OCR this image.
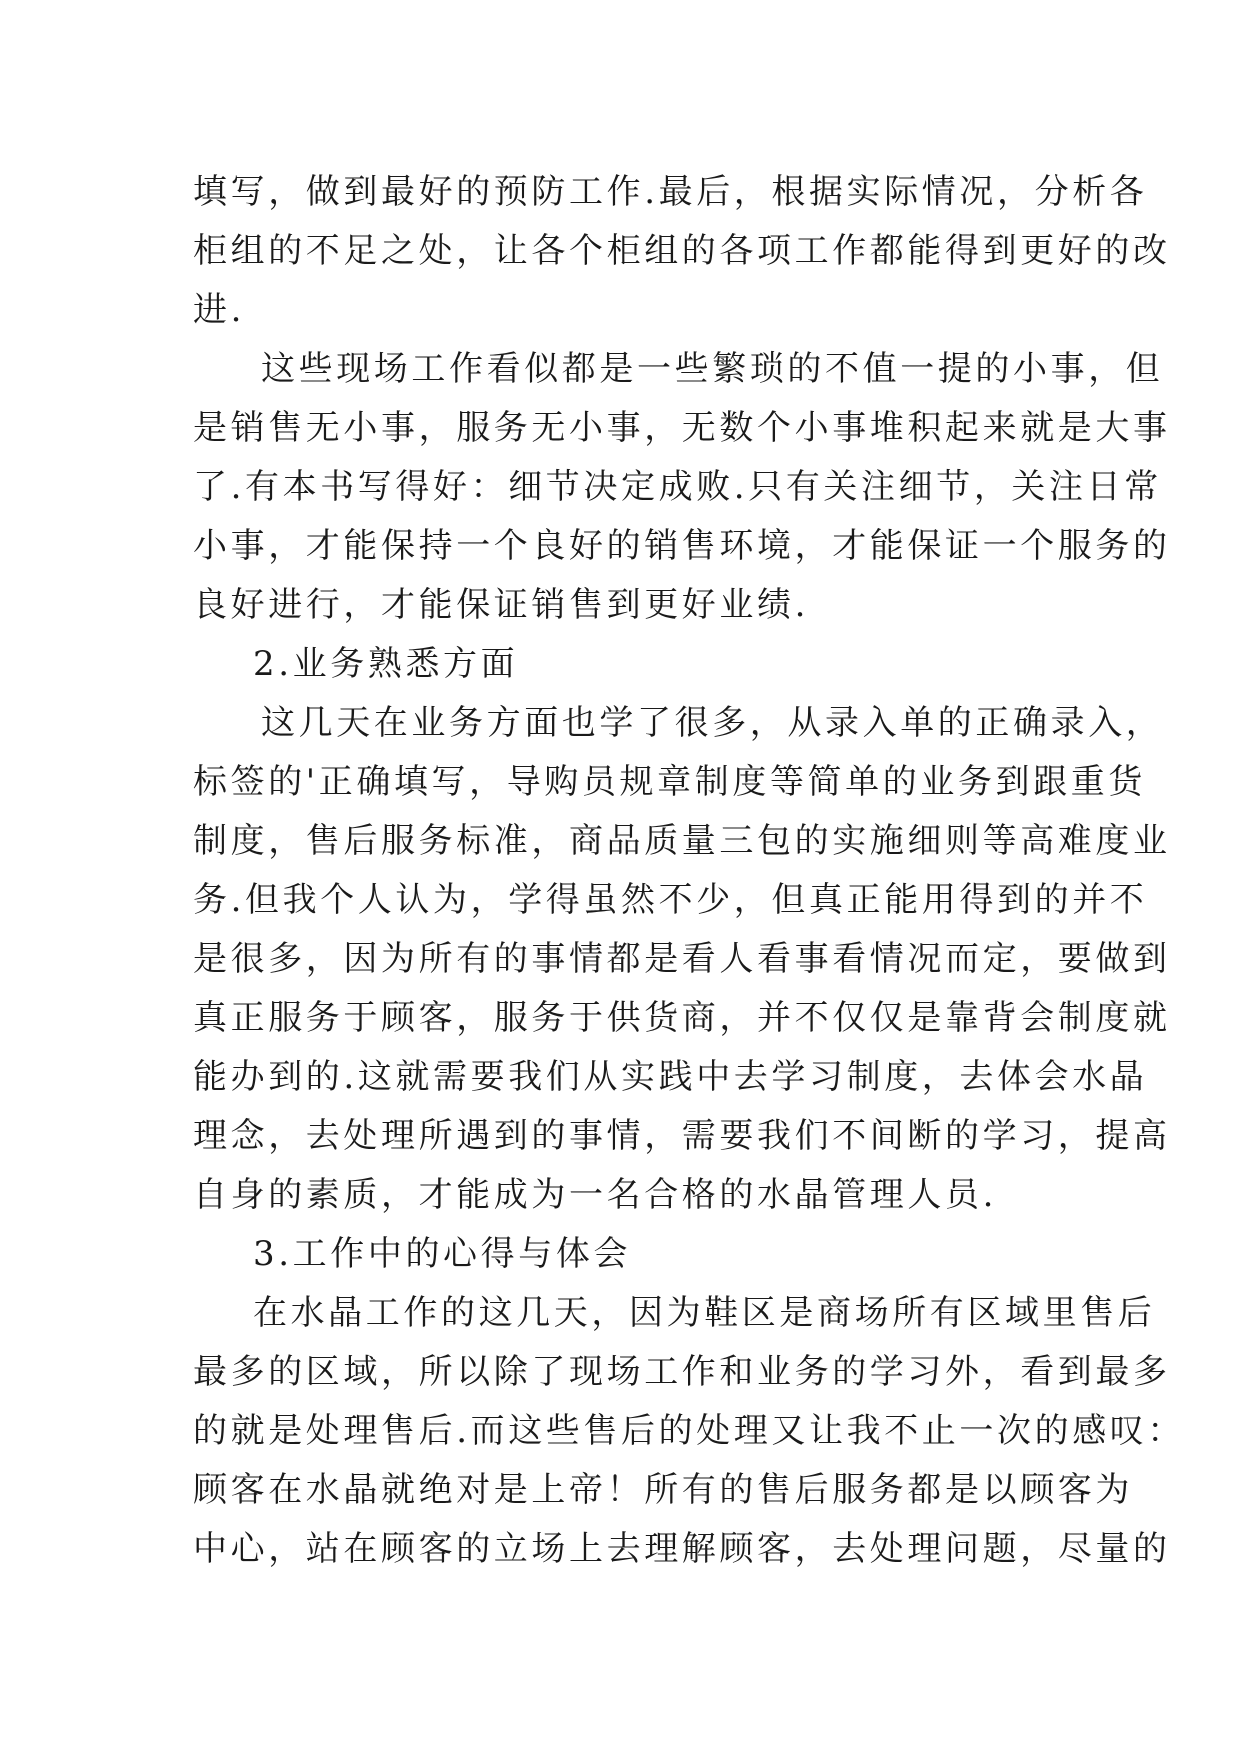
填写，做到最好的预防工作.最后，根据实际情况，分析各
柜组的不足之处，让各个柜组的各项工作都能得到更好的改
进.
这些现场工作看似都是一些繁琐的不值一提的小事，但
是销售无小事，服务无小事，无数个小事堆积起来就是大事
了.有本书写得好：细节决定成败.只有关注细节，关注日常
小事，才能保持一个良好的销售环境，才能保证一个服务的
良好进行，才能保证销售到更好业绩.
2.业务熟悉方面
这几天在业务方面也学了很多，从录入单的正确录入，
标签的'正确填写，导购员规章制度等简单的业务到跟重货
制度，售后服务标准，商品质量三包的实施细则等高难度业
务.但我个人认为，学得虽然不少，但真正能用得到的并不
是很多，因为所有的事情都是看人看事看情况而定，要做到
真正服务于顾客，服务于供货商，并不仅仅是靠背会制度就
能办到的.这就需要我们从实践中去学习制度，去体会水晶
理念，去处理所遇到的事情，需要我们不间断的学习，提高
自身的素质，才能成为一名合格的水晶管理人员.
3.工作中的心得与体会
在水晶工作的这几天，因为鞋区是商场所有区域里售后
最多的区域，所以除了现场工作和业务的学习外，看到最多
的就是处理售后.而这些售后的处理又让我不止一次的感叹：
顾客在水晶就绝对是上帝！所有的售后服务都是以顾客为
中心，站在顾客的立场上去理解顾客，去处理问题，尽量的
